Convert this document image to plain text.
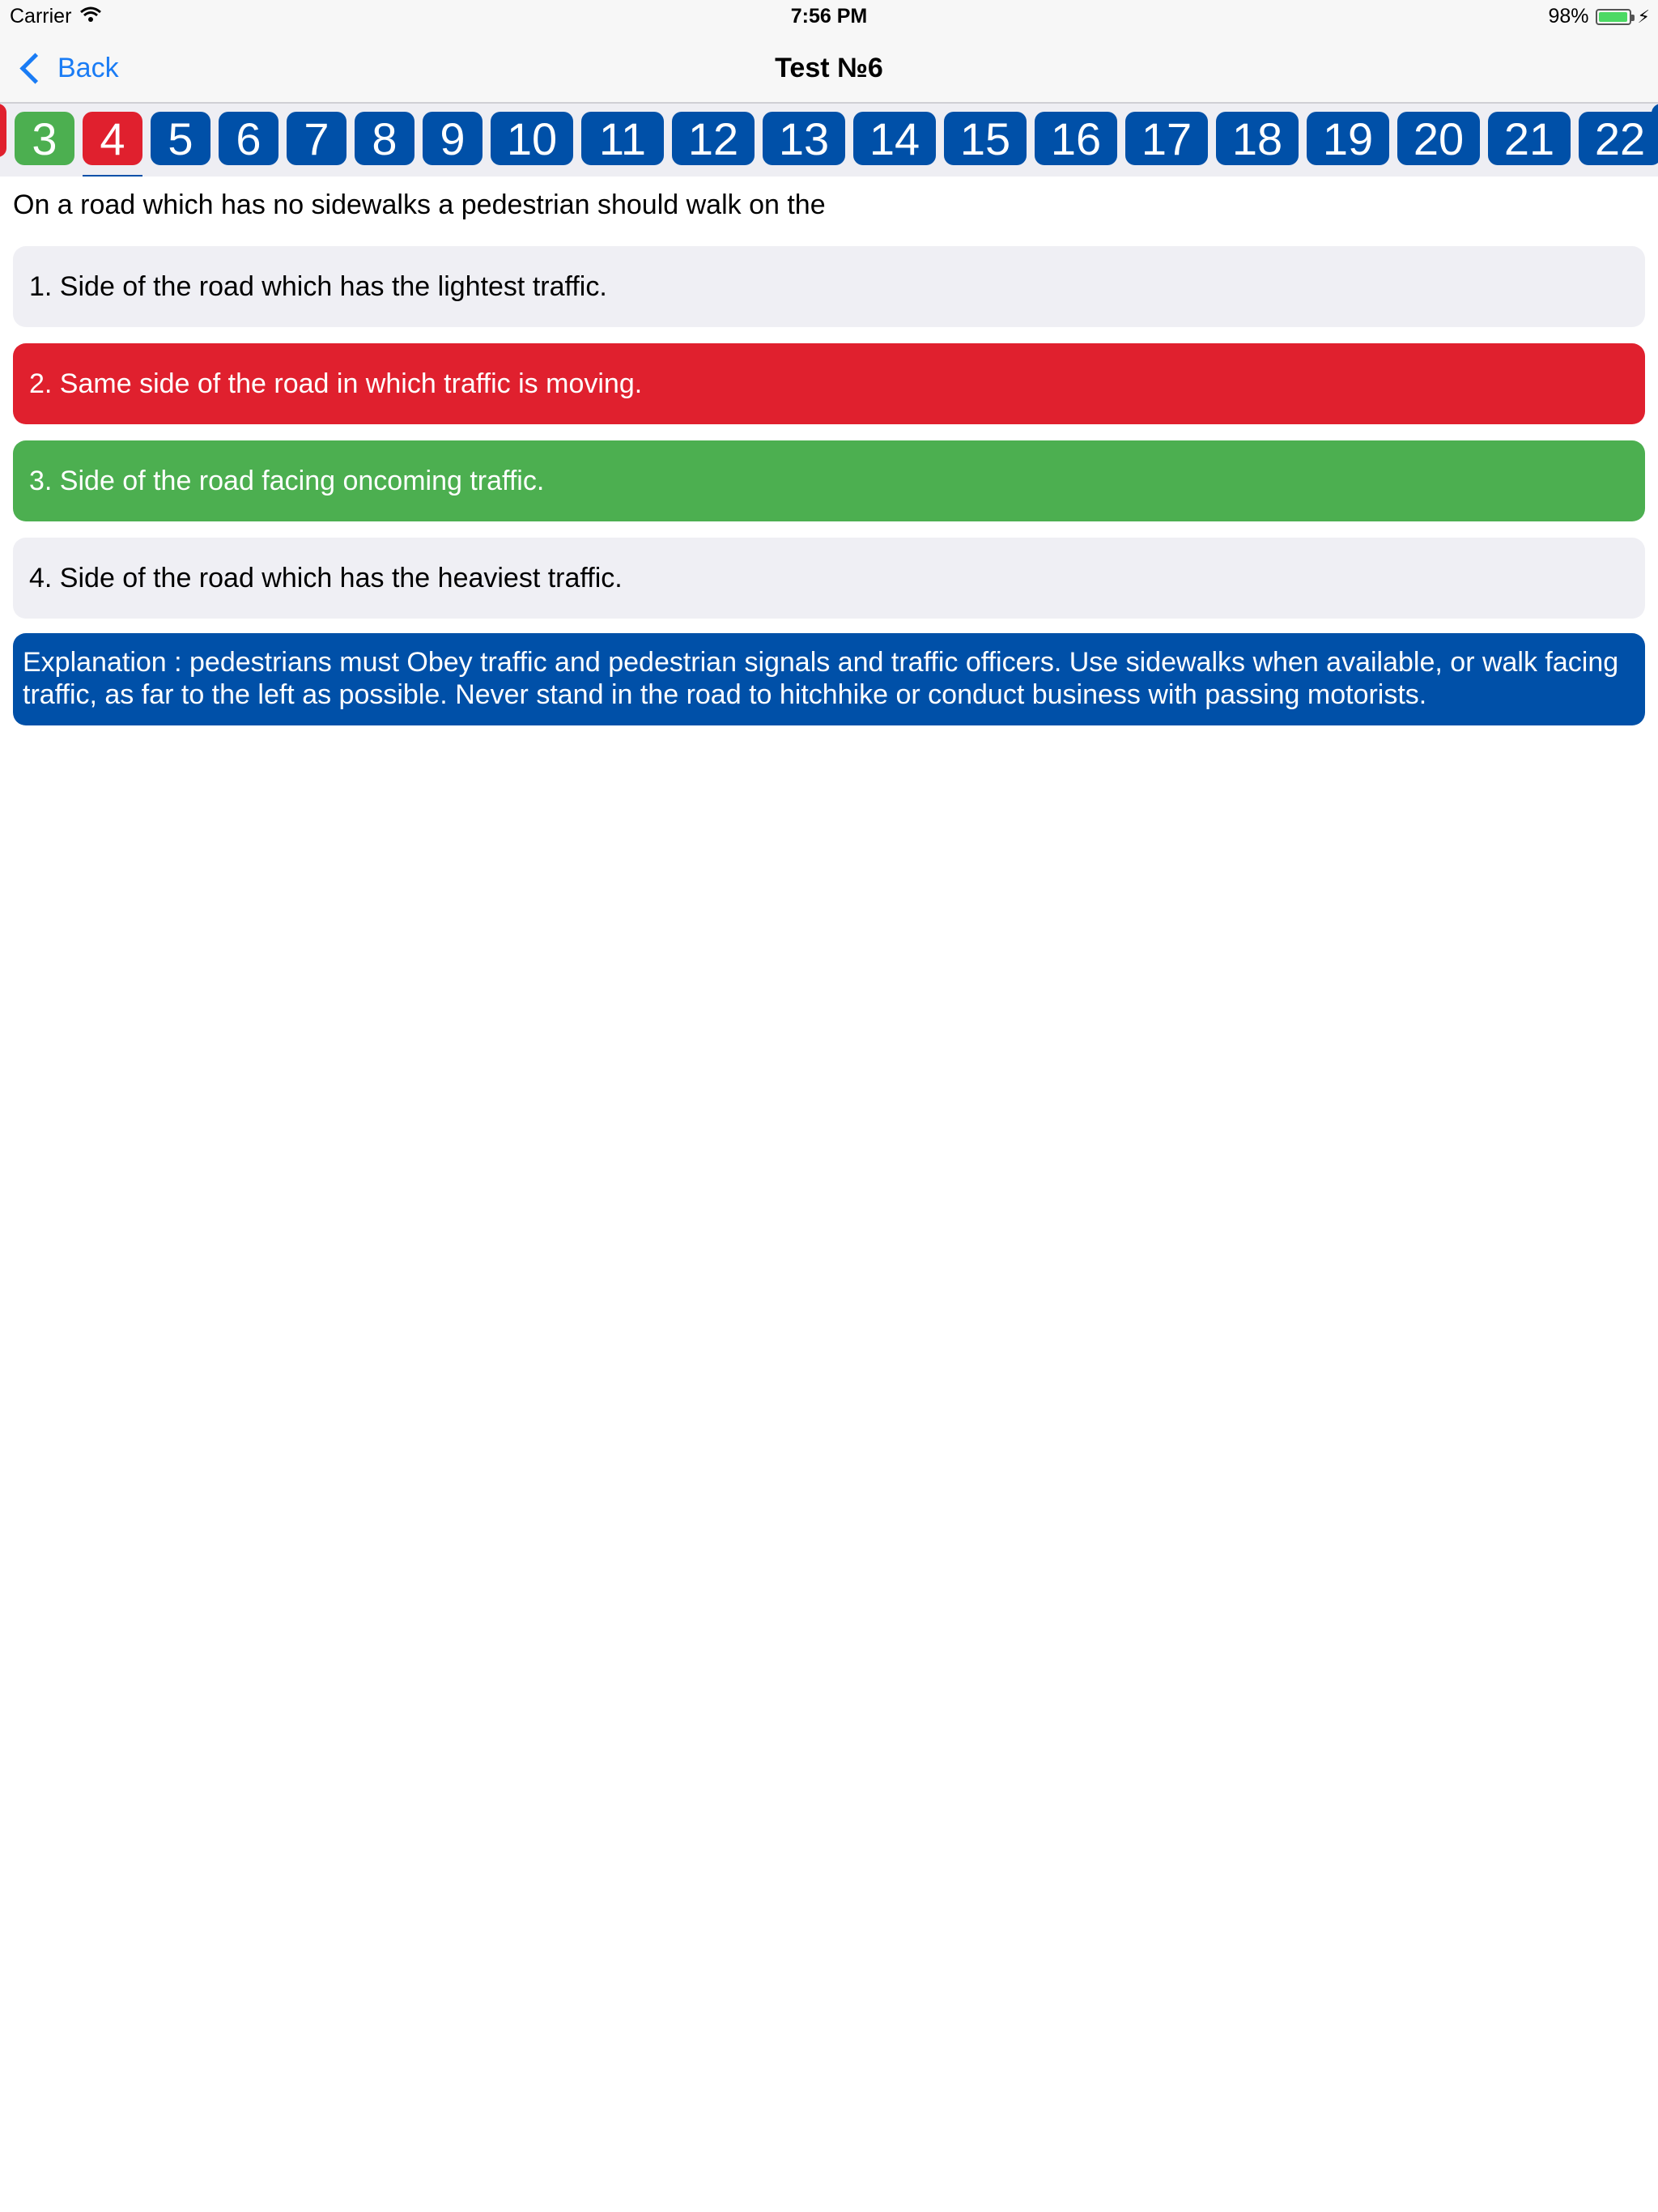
Carrier	7:56 PM	98%	⚡
Back	Test №6
3 4 5 6 7 8 9 10 11 12 13 14 15 16 17 18 19 20 21 22
On a road which has no sidewalks a pedestrian should walk on the
1. Side of the road which has the lightest traffic.
2. Same side of the road in which traffic is moving.
3. Side of the road facing oncoming traffic.
4. Side of the road which has the heaviest traffic.
Explanation : pedestrians must Obey traffic and pedestrian signals and traffic officers. Use sidewalks when available, or walk facing traffic, as far to the left as possible. Never stand in the road to hitchhike or conduct business with passing motorists.
